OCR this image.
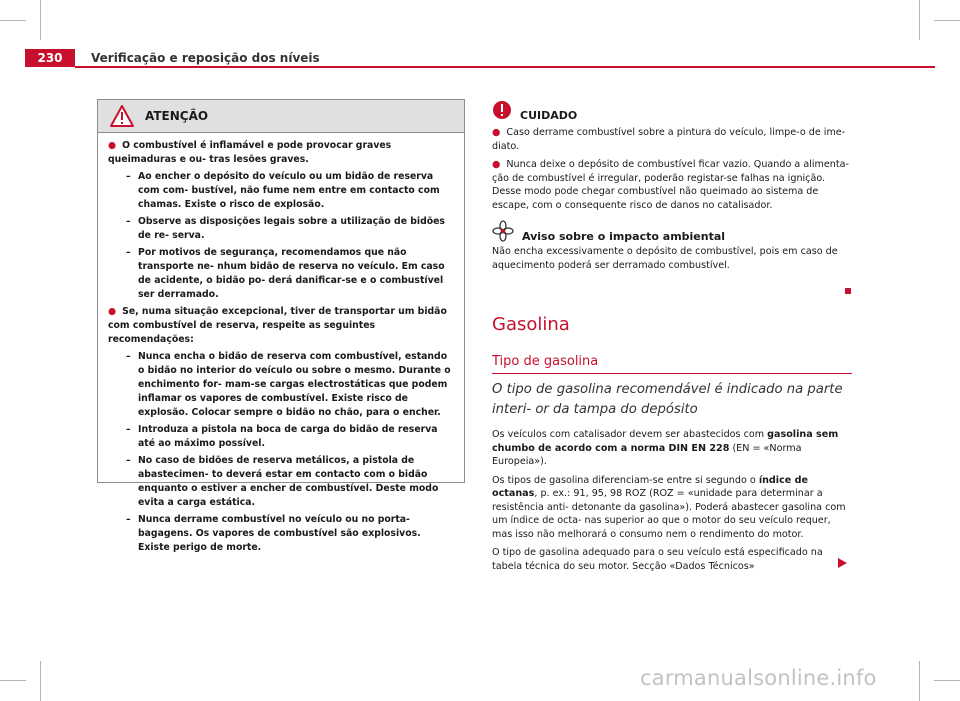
230	Verificação e reposição dos níveis
ATENÇÃO
● O combustível é inflamável e pode provocar graves queimaduras e ou- tras lesões graves.
– Ao encher o depósito do veículo ou um bidão de reserva com com- bustível, não fume nem entre em contacto com chamas. Existe o risco de explosão.
– Observe as disposições legais sobre a utilização de bidões de re- serva.
– Por motivos de segurança, recomendamos que não transporte ne- nhum bidão de reserva no veículo. Em caso de acidente, o bidão po- derá danificar-se e o combustível ser derramado.
● Se, numa situação excepcional, tiver de transportar um bidão com combustível de reserva, respeite as seguintes recomendações:
– Nunca encha o bidão de reserva com combustível, estando o bidão no interior do veículo ou sobre o mesmo. Durante o enchimento for- mam-se cargas electrostáticas que podem inflamar os vapores de combustível. Existe risco de explosão. Colocar sempre o bidão no chão, para o encher.
– Introduza a pistola na boca de carga do bidão de reserva até ao máximo possível.
– No caso de bidões de reserva metálicos, a pistola de abastecimen- to deverá estar em contacto com o bidão enquanto o estiver a encher de combustível. Deste modo evita a carga estática.
– Nunca derrame combustível no veículo ou no porta-bagagens. Os vapores de combustível são explosivos. Existe perigo de morte.
CUIDADO

● Caso derrame combustível sobre a pintura do veículo, limpe-o de ime- diato.

● Nunca deixe o depósito de combustível ficar vazio. Quando a alimenta- ção de combustível é irregular, poderão registar-se falhas na ignição. Desse modo pode chegar combustível não queimado ao sistema de escape, com o consequente risco de danos no catalisador.

Aviso sobre o impacto ambiental
Não encha excessivamente o depósito de combustível, pois em caso de aquecimento poderá ser derramado combustível.
Gasolina
Tipo de gasolina
O tipo de gasolina recomendável é indicado na parte interi- or da tampa do depósito

Os veículos com catalisador devem ser abastecidos com gasolina sem chumbo de acordo com a norma DIN EN 228 (EN = «Norma Europeia»).

Os tipos de gasolina diferenciam-se entre si segundo o índice de octanas, p. ex.: 91, 95, 98 ROZ (ROZ = «unidade para determinar a resistência anti- detonante da gasolina»). Poderá abastecer gasolina com um índice de octa- nas superior ao que o motor do seu veículo requer, mas isso não melhorará o consumo nem o rendimento do motor.

O tipo de gasolina adequado para o seu veículo está especificado na tabela técnica do seu motor. Secção «Dados Técnicos»

carmanualsonline.info
